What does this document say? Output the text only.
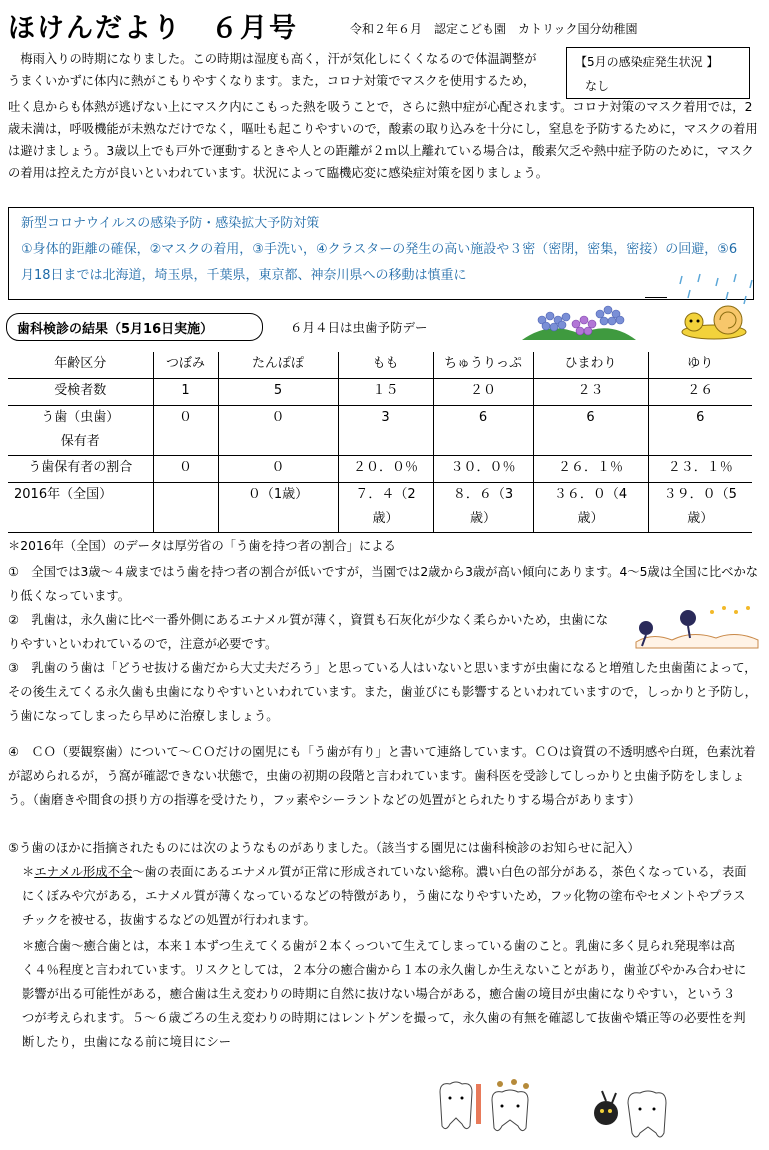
ほけんだより　６月号	令和２年６月　認定こども園　カトリック国分幼稚園
【5月の感染症発生状況 】
なし
梅雨入りの時期になりました。この時期は湿度も高く，汗が気化しにくくなるので体温調整が
うまくいかずに体内に熱がこもりやすくなります。また，コロナ対策でマスクを使用するため，
吐く息からも体熱が逃げない上にマスク内にこもった熱を吸うことで，さらに熱中症が心配されます。コロナ対策のマスク着用では，2歳未満は，呼吸機能が未熟なだけでなく，嘔吐も起こりやすいので，酸素の取り込みを十分にし，窒息を予防するために，マスクの着用は避けましょう。3歳以上でも戸外で運動するときや人との距離が２ｍ以上離れている場合は，酸素欠乏や熱中症予防のために，マスクの着用は控えた方が良いといわれています。状況によって臨機応変に感染症対策を図りましょう。
新型コロナウイルスの感染予防・感染拡大予防対策
①身体的距離の確保，②マスクの着用，③手洗い，④クラスターの発生の高い施設や３密（密閉，密集，密接）の回避，⑤6月18日までは北海道，埼玉県，千葉県，東京都、神奈川県への移動は慎重に
歯科検診の結果（5月16日実施）	６月４日は虫歯予防デー
年齢区分	つぼみ	たんぽぽ	もも	ちゅうりっぷ	ひまわり	ゆり
受検者数	1	5	１５	２０	２３	２６
う歯（虫歯）保有者	０	０	3	6	6	6
う歯保有者の割合	０	０	２０．０％	３０．０％	２６．１％	２３．１％
2016年（全国）		０（1歳）	７．４（2歳）	８．６（3歳）	３６．０（4歳）	３９．０（5歳）
＊2016年（全国）のデータは厚労省の「う歯を持つ者の割合」による
①　全国では3歳～４歳まではう歯を持つ者の割合が低いですが，当園では2歳から3歳が高い傾向にあります。4～5歳は全国に比べかなり低くなっています。
②　乳歯は，永久歯に比べ一番外側にあるエナメル質が薄く，資質も石灰化が少なく柔らかいため，虫歯になりやすいといわれているので，注意が必要です。
③　乳歯のう歯は「どうせ抜ける歯だから大丈夫だろう」と思っている人はいないと思いますが虫歯になると増殖した虫歯菌によって，その後生えてくる永久歯も虫歯になりやすいといわれています。また，歯並びにも影響するといわれていますので，しっかりと予防し，う歯になってしまったら早めに治療しましょう。
④　ＣＯ（要観察歯）について～ＣＯだけの園児にも「う歯が有り」と書いて連絡しています。ＣＯは資質の不透明感や白斑，色素沈着が認められるが，う窩が確認できない状態で，虫歯の初期の段階と言われています。歯科医を受診してしっかりと虫歯予防をしましょう。（歯磨きや間食の摂り方の指導を受けたり，フッ素やシーラントなどの処置がとられたりする場合があります）
⑤う歯のほかに指摘されたものには次のようなものがありました。（該当する園児には歯科検診のお知らせに記入）
＊エナメル形成不全～歯の表面にあるエナメル質が正常に形成されていない総称。濃い白色の部分がある，茶色くなっている，表面にくぼみや穴がある，エナメル質が薄くなっているなどの特徴があり，う歯になりやすいため，フッ化物の塗布やセメントやプラスチックを被せる，抜歯するなどの処置が行われます。
＊癒合歯～癒合歯とは，本来１本ずつ生えてくる歯が２本くっついて生えてしまっている歯のこと。乳歯に多く見られ発現率は高く４％程度と言われています。リスクとしては，２本分の癒合歯から１本の永久歯しか生えないことがあり，歯並びやかみ合わせに影響が出る可能性がある，癒合歯は生え変わりの時期に自然に抜けない場合がある，癒合歯の境目が虫歯になりやすい，という３つが考えられます。５～６歳ごろの生え変わりの時期にはレントゲンを撮って，永久歯の有無を確認して抜歯や矯正等の必要性を判断したり，虫歯になる前に境目にシー
